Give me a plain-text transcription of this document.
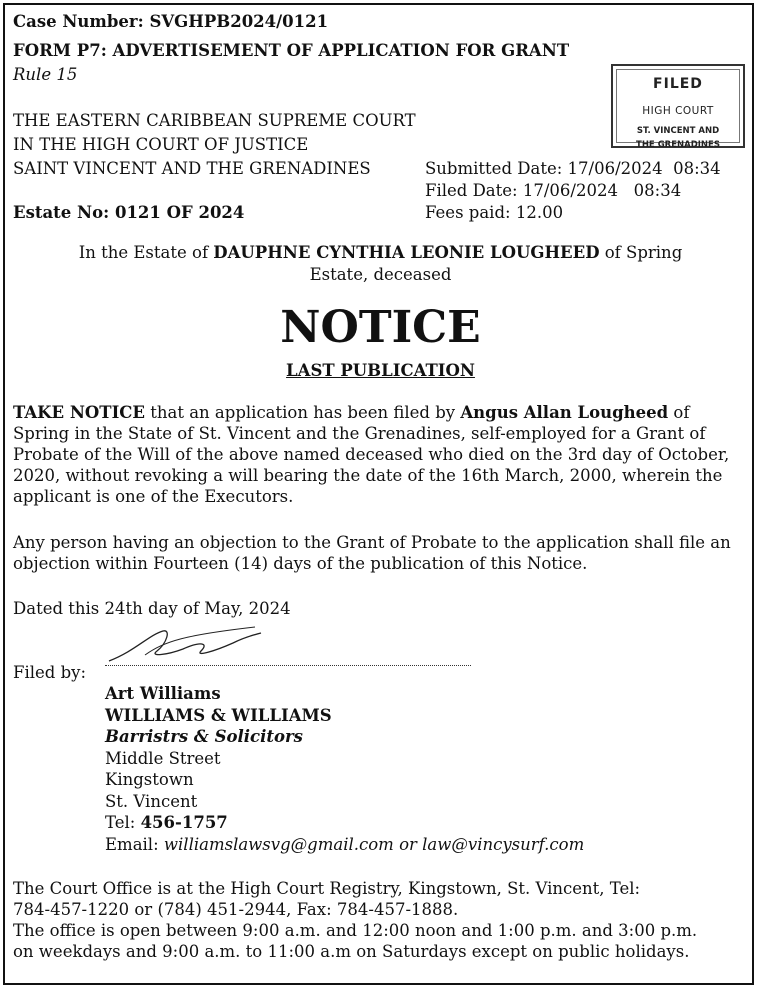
Case Number: SVGHPB2024/0121
FORM P7: ADVERTISEMENT OF APPLICATION FOR GRANT
Rule 15	FILED
HIGH COURT
ST. VINCENT AND
THE GRENADINES
THE EASTERN CARIBBEAN SUPREME COURT
IN THE HIGH COURT OF JUSTICE
SAINT VINCENT AND THE GRENADINES	Submitted Date: 17/06/2024  08:34
Filed Date: 17/06/2024   08:34
Fees paid: 12.00
Estate No: 0121 OF 2024
In the Estate of DAUPHNE CYNTHIA LEONIE LOUGHEED of Spring
Estate, deceased
NOTICE
LAST PUBLICATION
TAKE NOTICE that an application has been filed by Angus Allan Lougheed of Spring in the State of St. Vincent and the Grenadines, self-employed for a Grant of Probate of the Will of the above named deceased who died on the 3rd day of October, 2020, without revoking a will bearing the date of the 16th March, 2000, wherein the applicant is one of the Executors.
Any person having an objection to the Grant of Probate to the application shall file an objection within Fourteen (14) days of the publication of this Notice.
Dated this 24th day of May, 2024
Filed by:
Art Williams
WILLIAMS & WILLIAMS
Barristrs & Solicitors
Middle Street
Kingstown
St. Vincent
Tel: 456-1757
Email: williamslawsvg@gmail.com or law@vincysurf.com
The Court Office is at the High Court Registry, Kingstown, St. Vincent, Tel:
784-457-1220 or (784) 451-2944, Fax: 784-457-1888.
The office is open between 9:00 a.m. and 12:00 noon and 1:00 p.m. and 3:00 p.m.
on weekdays and 9:00 a.m. to 11:00 a.m on Saturdays except on public holidays.
